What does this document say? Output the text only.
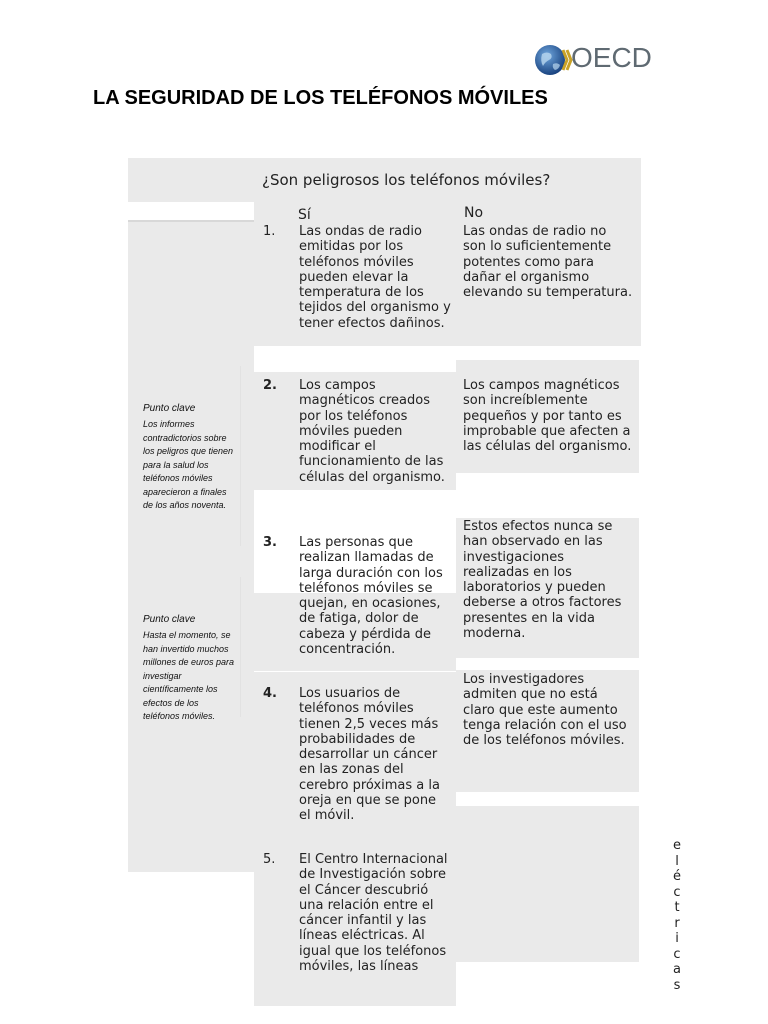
OECD
LA SEGURIDAD DE LOS TELÉFONOS MÓVILES
¿Son peligrosos los teléfonos móviles?
Sí	No
1.	Las ondas de radio emitidas por los teléfonos móviles pueden elevar la temperatura de los tejidos del organismo y tener efectos dañinos.
Las ondas de radio no son lo suficientemente potentes como para dañar el organismo elevando su temperatura.
2.	Los campos magnéticos creados por los teléfonos móviles pueden modificar el funcionamiento de las células del organismo.
Los campos magnéticos son increíblemente pequeños y por tanto es improbable que afecten a las células del organismo.
3.	Las personas que realizan llamadas de larga duración con los teléfonos móviles se quejan, en ocasiones, de fatiga, dolor de cabeza y pérdida de concentración.
Estos efectos nunca se han observado en las investigaciones realizadas en los laboratorios y pueden deberse a otros factores presentes en la vida moderna.
4.	Los usuarios de teléfonos móviles tienen 2,5 veces más probabilidades de desarrollar un cáncer en las zonas del cerebro próximas a la oreja en que se pone el móvil.
Los investigadores admiten que no está claro que este aumento tenga relación con el uso de los teléfonos móviles.
5.	El Centro Internacional de Investigación sobre el Cáncer descubrió una relación entre el cáncer infantil y las líneas eléctricas. Al igual que los teléfonos móviles, las líneas
Punto clave
Los informes contradictorios sobre los peligros que tienen para la salud los teléfonos móviles aparecieron a finales de los años noventa.
Punto clave
Hasta el momento, se han invertido muchos millones de euros para investigar científicamente los efectos de los teléfonos móviles.
e
l
é
c
t
r
i
c
a
s
